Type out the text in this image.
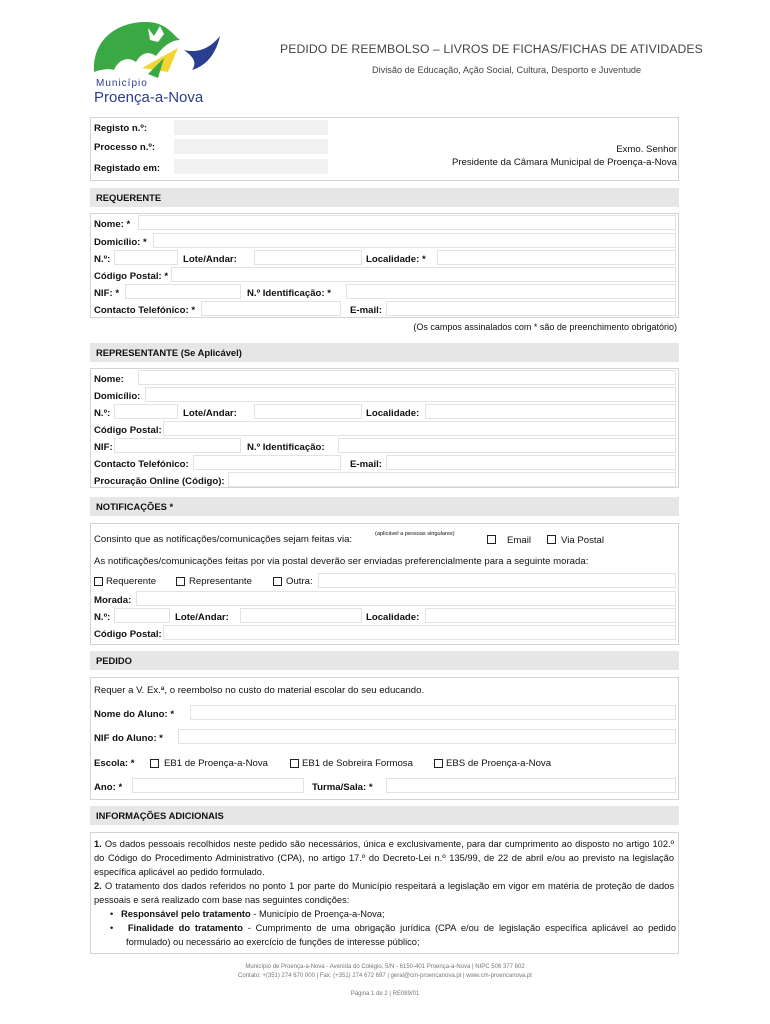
Município
Proença-a-Nova
PEDIDO DE REEMBOLSO – LIVROS DE FICHAS/FICHAS DE ATIVIDADES
Divisão de Educação, Ação Social, Cultura, Desporto e Juventude
Registo n.º:
Processo n.º:
Registado em:
Exmo. Senhor
Presidente da Câmara Municipal de Proença-a-Nova
REQUERENTE
Nome: *
Domicílio: *
N.º:	Lote/Andar:	Localidade: *
Código Postal: *
NIF: *	N.º Identificação: *
Contacto Telefónico: *	E-mail:
(Os campos assinalados com * são de preenchimento obrigatório)
REPRESENTANTE (Se Aplicável)
Nome:
Domicílio:
N.º:	Lote/Andar:	Localidade:
Código Postal:
NIF:	N.º Identificação:
Contacto Telefónico:	E-mail:
Procuração Online (Código):
NOTIFICAÇÕES *
Consinto que as notificações/comunicações sejam feitas via:	(aplicável a pessoas singulares)
Email	Via Postal
As notificações/comunicações feitas por via postal deverão ser enviadas preferencialmente para a seguinte morada:
Requerente	Representante	Outra:
Morada:
N.º:	Lote/Andar:	Localidade:
Código Postal:
PEDIDO
Requer a V. Ex.ª, o reembolso no custo do material escolar do seu educando.
Nome do Aluno: *
NIF do Aluno: *
Escola: *	EB1 de Proença-a-Nova	EB1 de Sobreira Formosa	EBS de Proença-a-Nova
Ano: *	Turma/Sala: *
INFORMAÇÕES ADICIONAIS

1. Os dados pessoais recolhidos neste pedido são necessários, única e exclusivamente, para dar cumprimento ao disposto no artigo 102.º do Código do Procedimento Administrativo (CPA), no artigo 17.º do Decreto-Lei n.º 135/99, de 22 de abril e/ou ao previsto na legislação específica aplicável ao pedido formulado.

2. O tratamento dos dados referidos no ponto 1 por parte do Município respeitará a legislação em vigor em matéria de proteção de dados pessoais e será realizado com base nas seguintes condições:

•   Responsável pelo tratamento - Município de Proença-a-Nova;

•   Finalidade do tratamento - Cumprimento de uma obrigação jurídica (CPA e/ou de legislação específica aplicável ao pedido formulado) ou necessário ao exercício de funções de interesse público;

Município de Proença-a-Nova - Avenida do Colégio, 5/N - 6150-401 Proença-a-Nova | NIPC 506 377 802
Contato: +(351) 274 670 000 | Fax: (+351) 274 672 697 | geral@cm-proencanova.pt | www.cm-proencanova.pt
Página 1 de 2 | RE089/01
